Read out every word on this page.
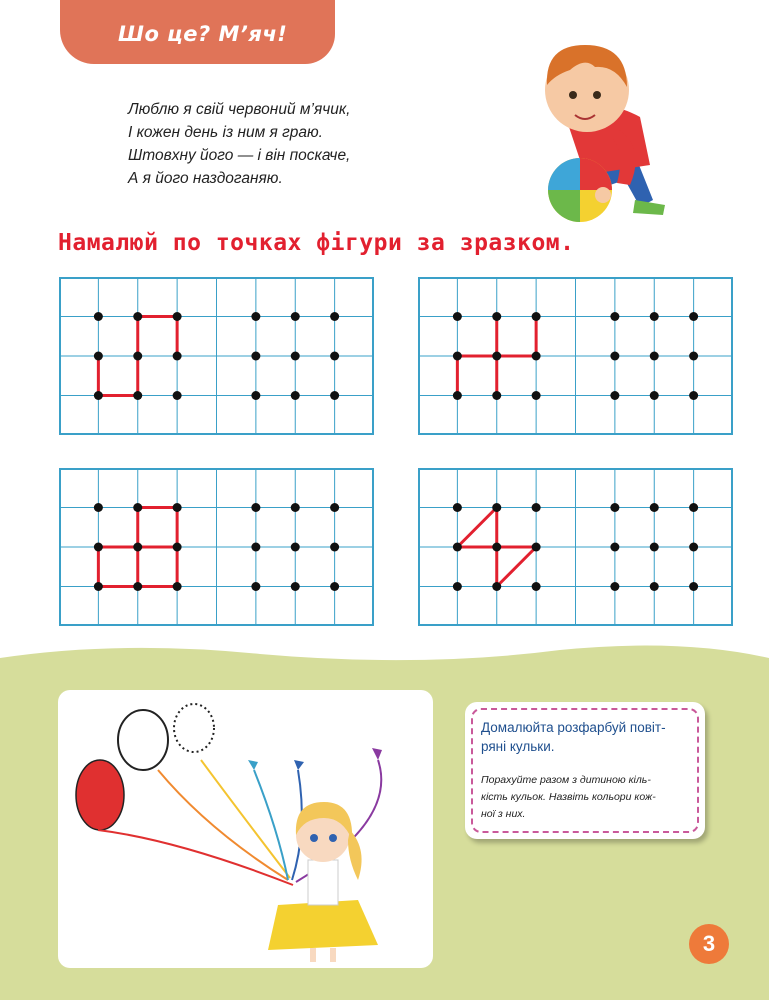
Шо це? М’яч!
Люблю я свій червоний м’ячик,
І кожен день із ним я граю.
Штовхну його — і він поскаче,
А я його наздоганяю.
Намалюй по точках фігури за зразком.
Домалюйта розфарбуй повіт-
ряні кульки.
Порахуйте разом з дитиною кіль-
кість кульок. Назвіть кольори кож-
ної з них.
3
